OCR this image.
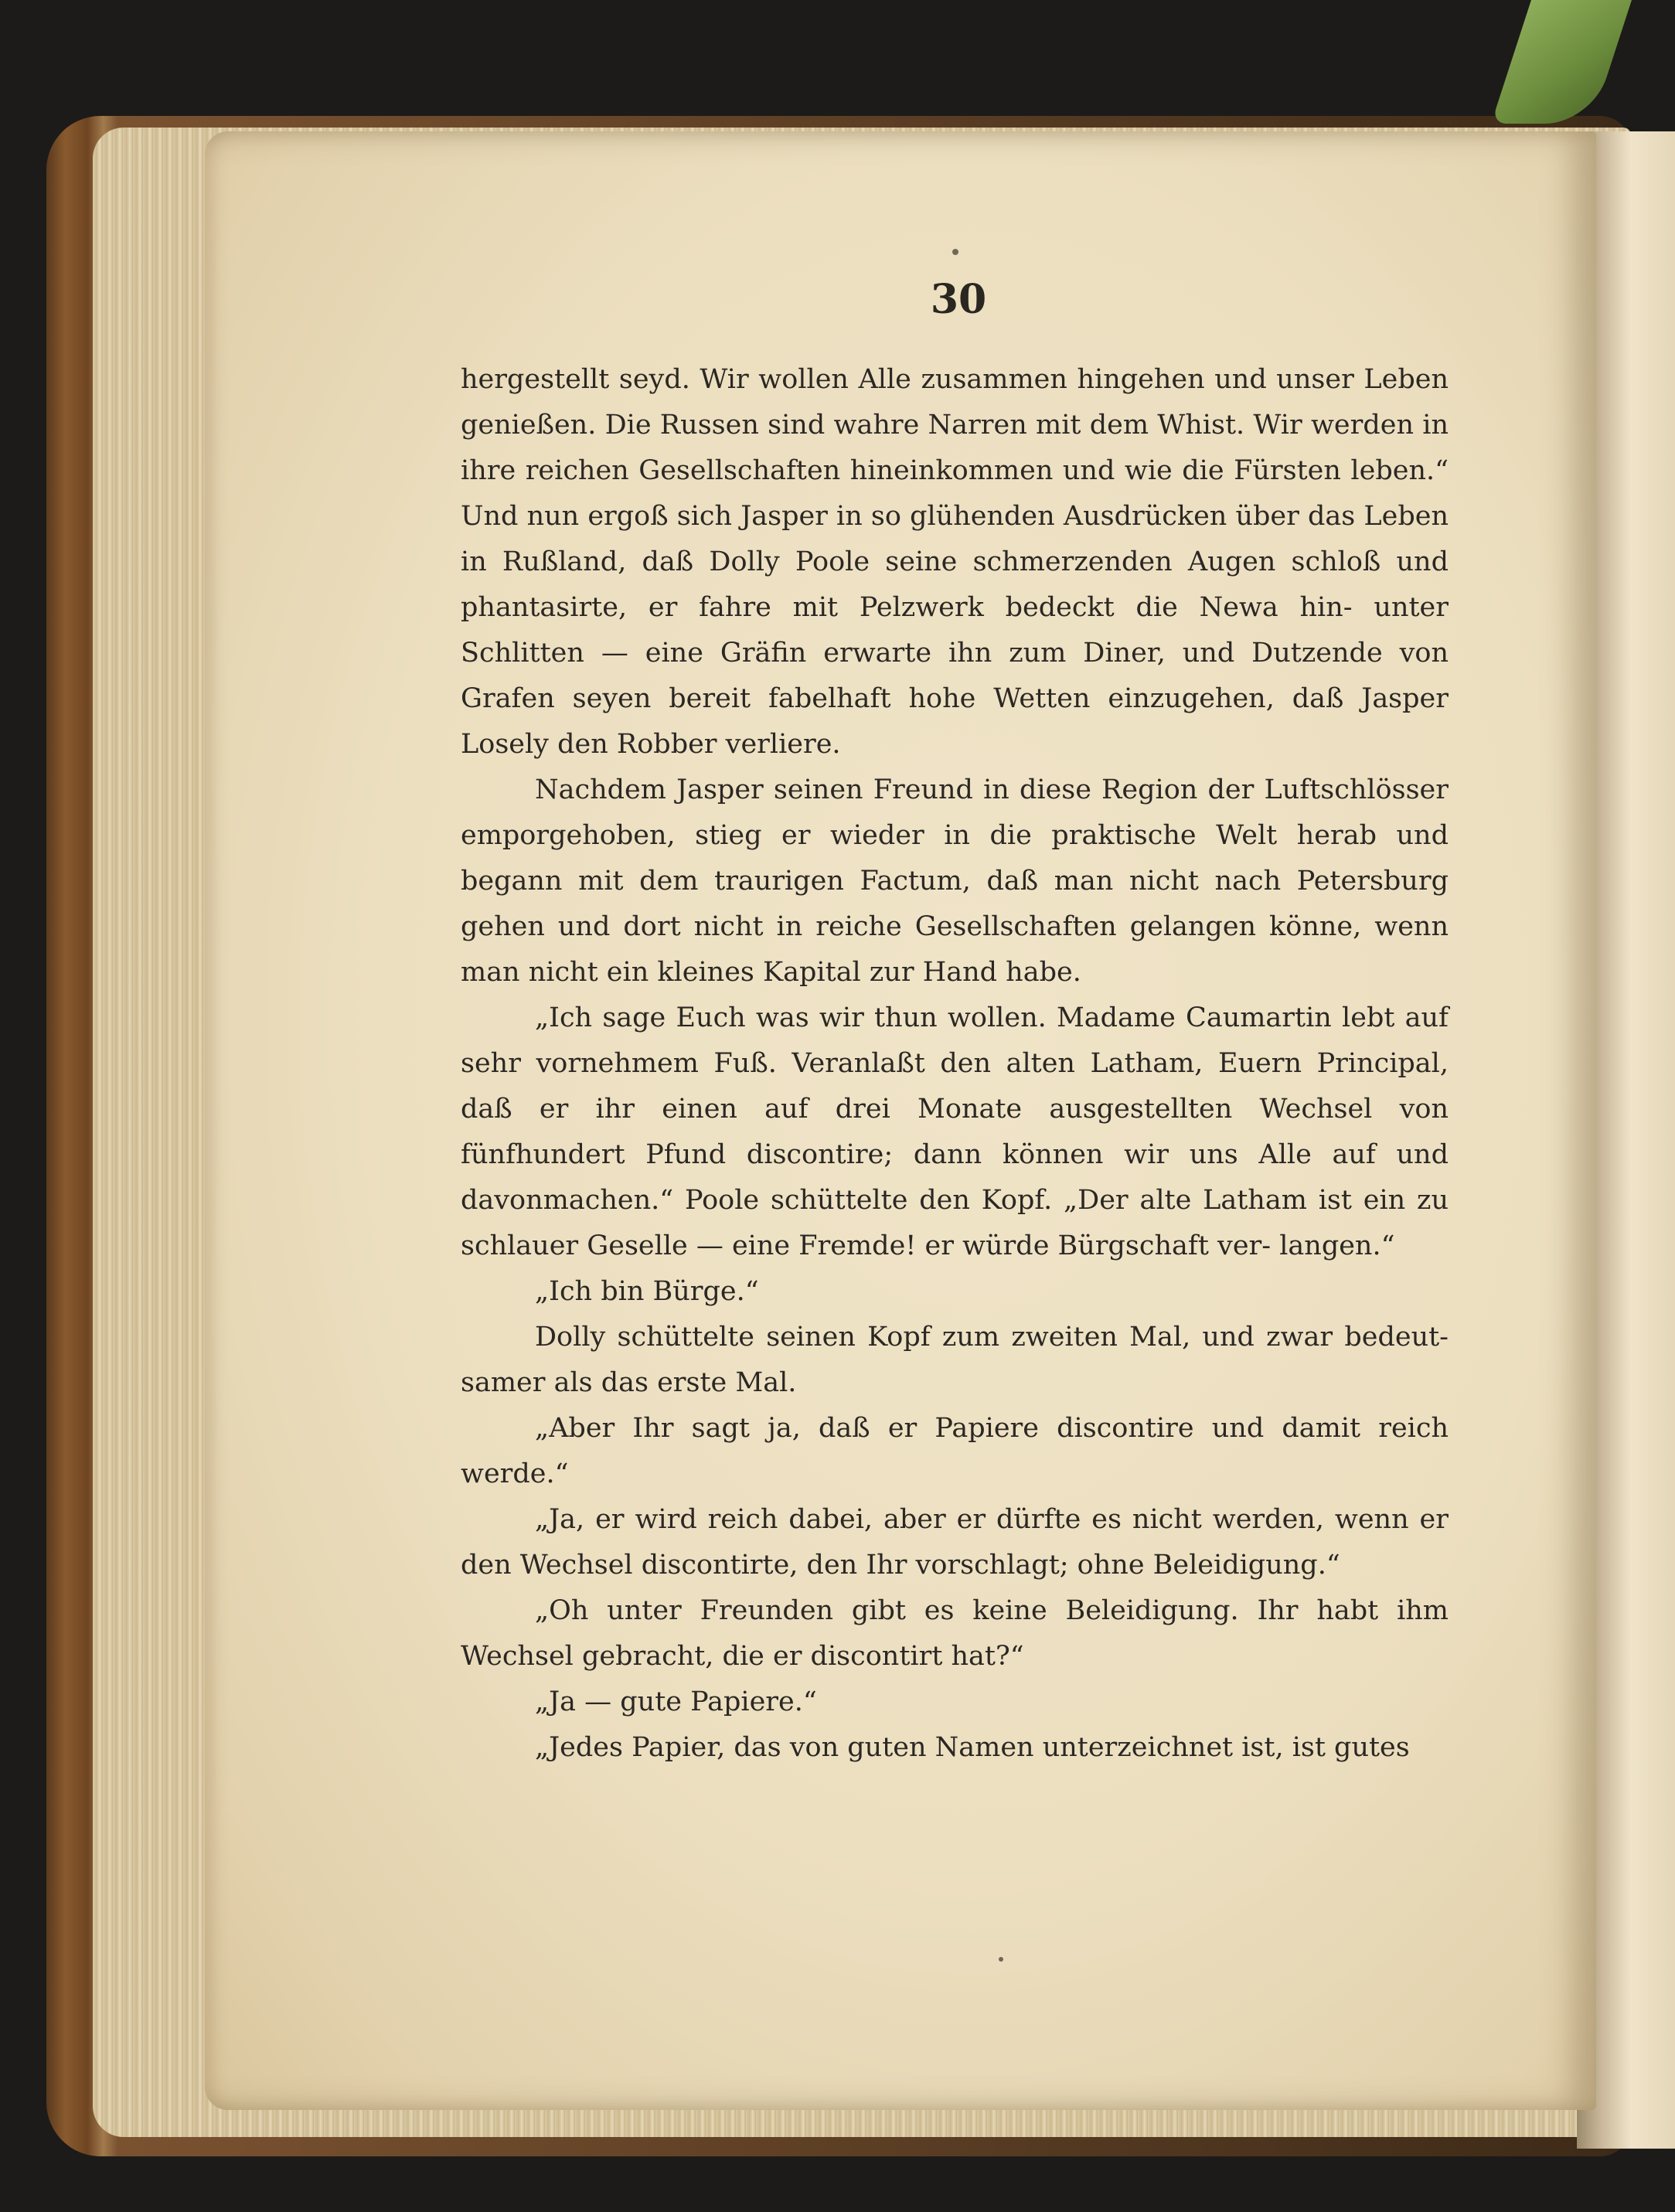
30

hergestellt seyd. Wir wollen Alle zusammen hingehen und unser Leben genießen. Die Russen sind wahre Narren mit dem Whist. Wir werden in ihre reichen Gesellschaften hineinkommen und wie die Fürsten leben.“ Und nun ergoß sich Jasper in so glühenden Ausdrücken über das Leben in Rußland, daß Dolly Poole seine schmerzenden Augen schloß und phantasirte, er fahre mit Pelzwerk bedeckt die Newa hin- unter Schlitten — eine Gräfin erwarte ihn zum Diner, und Dutzende von Grafen seyen bereit fabelhaft hohe Wetten einzugehen, daß Jasper Losely den Robber verliere.

Nachdem Jasper seinen Freund in diese Region der Luftschlösser emporgehoben, stieg er wieder in die praktische Welt herab und begann mit dem traurigen Factum, daß man nicht nach Petersburg gehen und dort nicht in reiche Gesellschaften gelangen könne, wenn man nicht ein kleines Kapital zur Hand habe.

„Ich sage Euch was wir thun wollen. Madame Caumartin lebt auf sehr vornehmem Fuß. Veranlaßt den alten Latham, Euern Principal, daß er ihr einen auf drei Monate ausgestellten Wechsel von fünfhundert Pfund discontire; dann können wir uns Alle auf und davonmachen.“ Poole schüttelte den Kopf. „Der alte Latham ist ein zu schlauer Geselle — eine Fremde! er würde Bürgschaft ver- langen.“

„Ich bin Bürge.“

Dolly schüttelte seinen Kopf zum zweiten Mal, und zwar bedeut- samer als das erste Mal.

„Aber Ihr sagt ja, daß er Papiere discontire und damit reich werde.“

„Ja, er wird reich dabei, aber er dürfte es nicht werden, wenn er den Wechsel discontirte, den Ihr vorschlagt; ohne Beleidigung.“

„Oh unter Freunden gibt es keine Beleidigung. Ihr habt ihm Wechsel gebracht, die er discontirt hat?“

„Ja — gute Papiere.“

„Jedes Papier, das von guten Namen unterzeichnet ist, ist gutes
